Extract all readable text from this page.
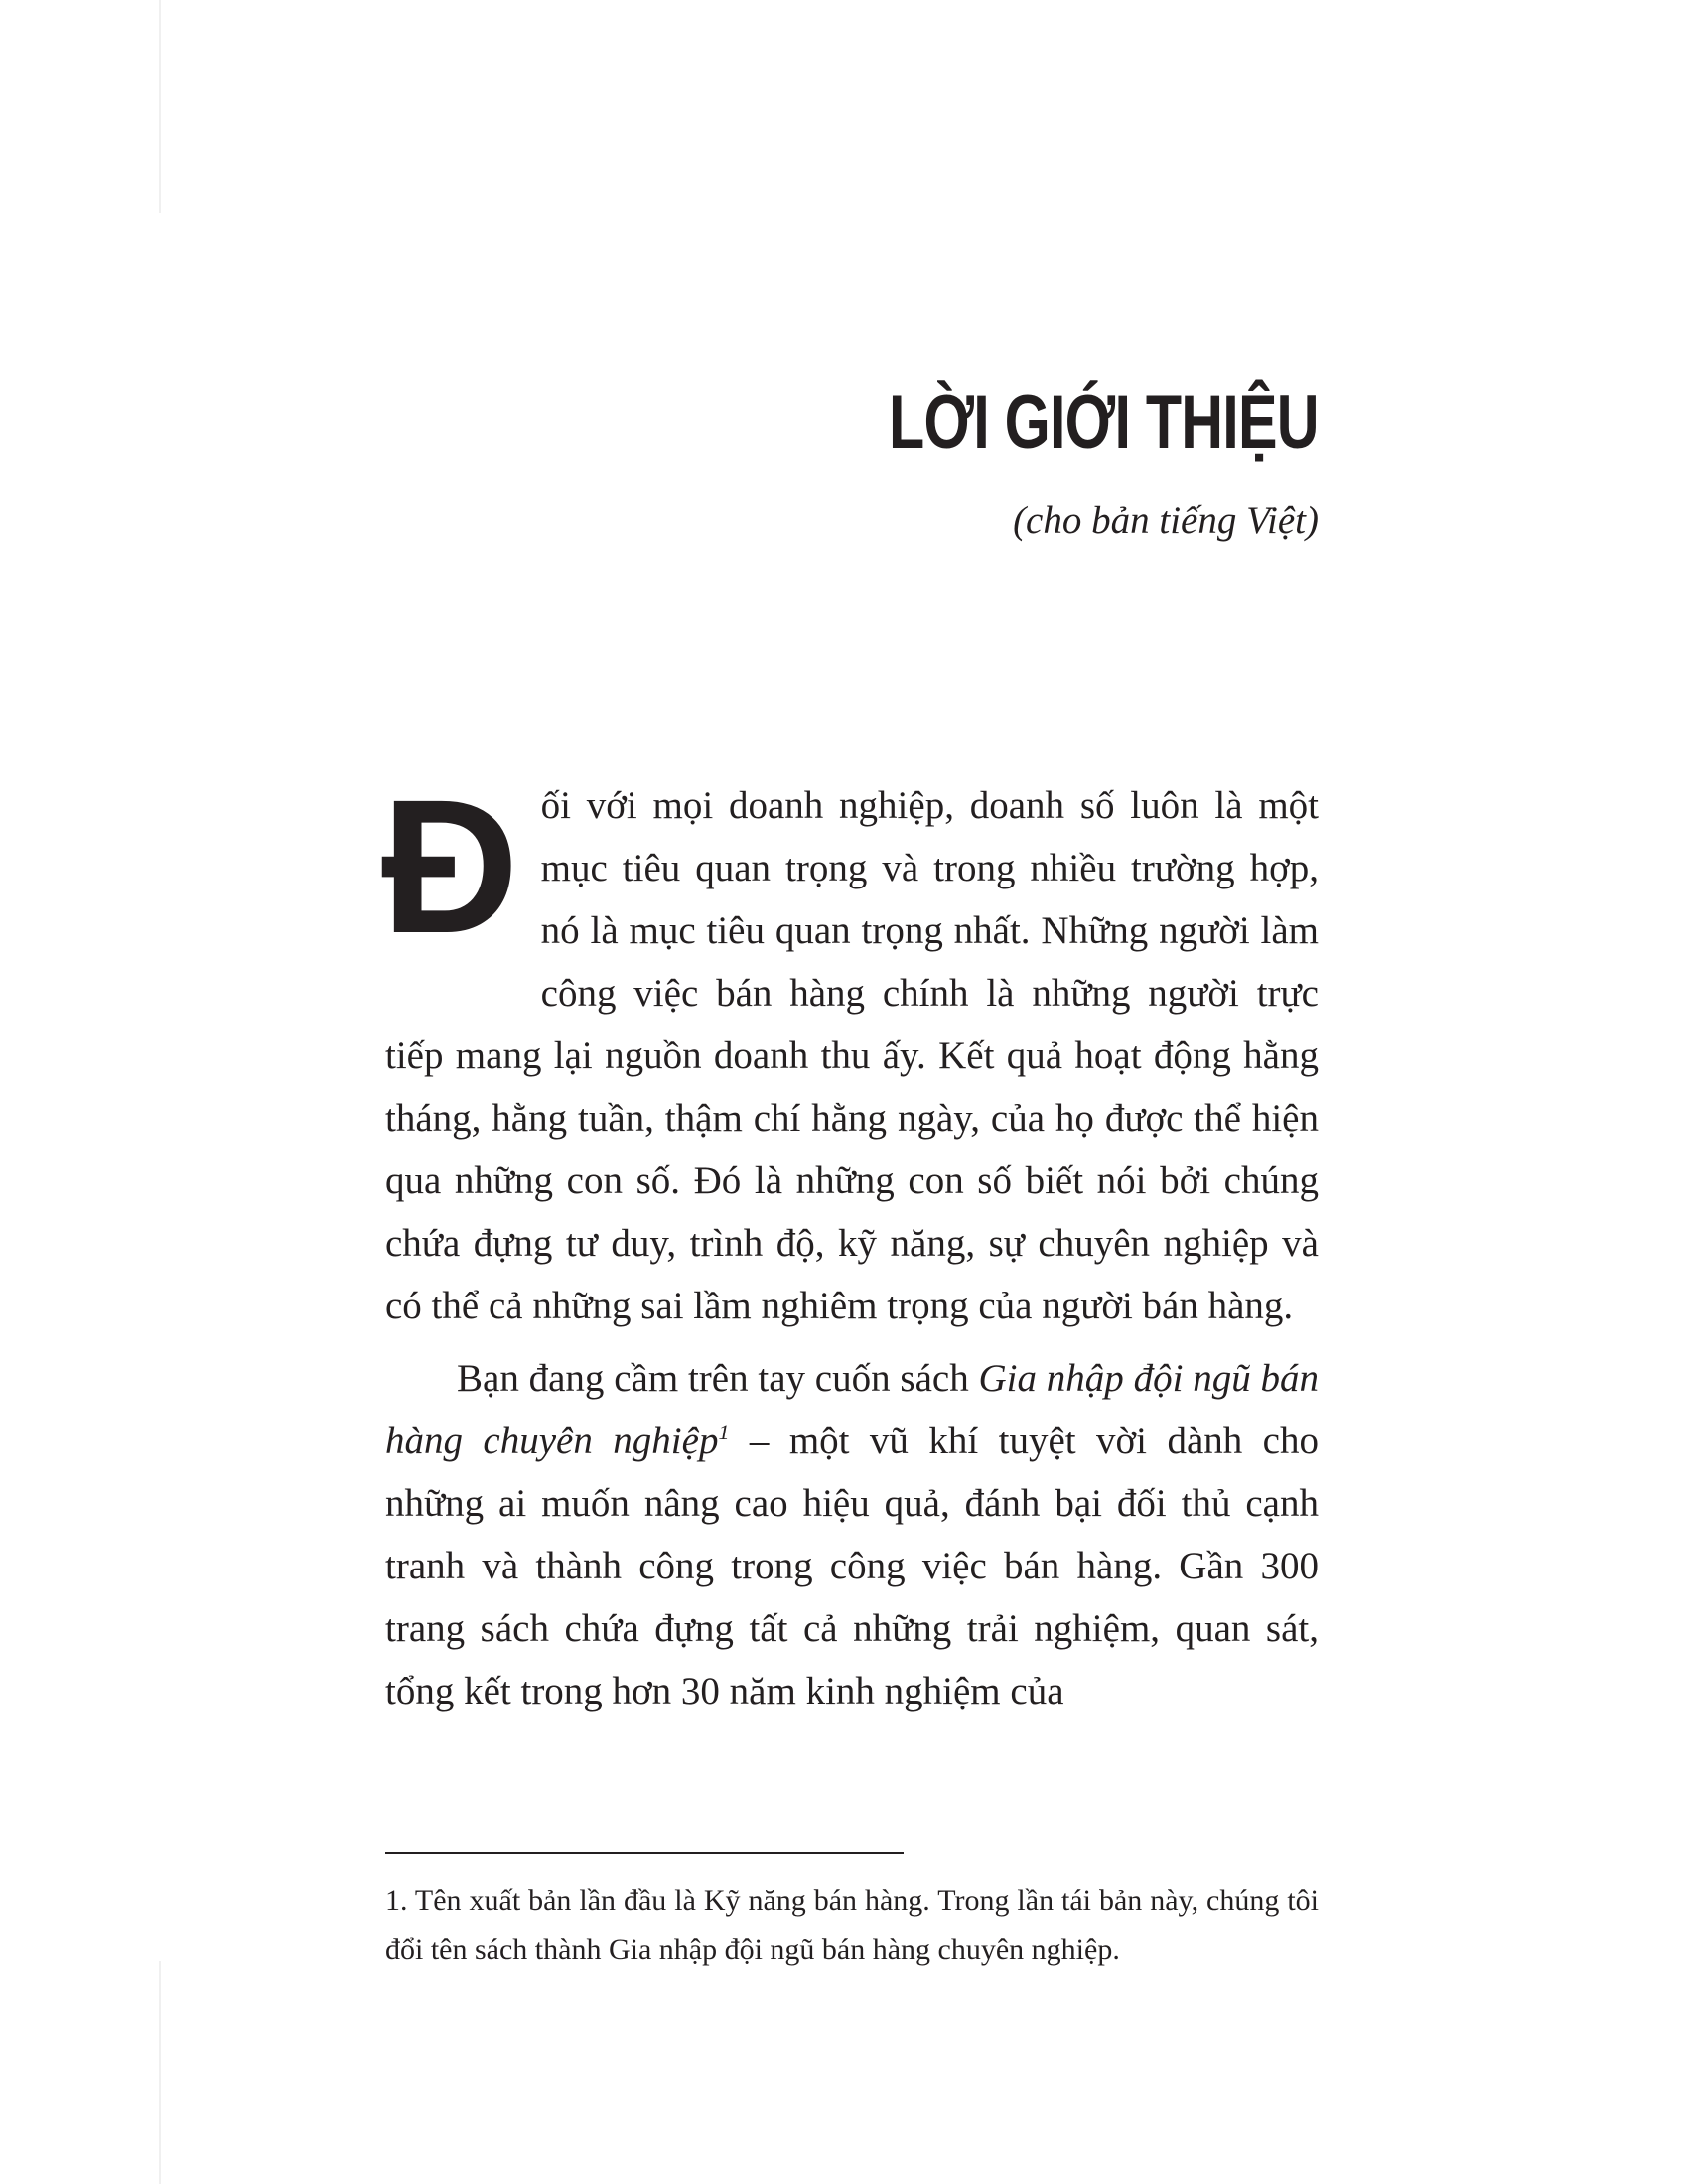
LỜI GIỚI THIỆU
(cho bản tiếng Việt)

Đối với mọi doanh nghiệp, doanh số luôn là một mục tiêu quan trọng và trong nhiều trường hợp, nó là mục tiêu quan trọng nhất. Những người làm công việc bán hàng chính là những người trực tiếp mang lại nguồn doanh thu ấy. Kết quả hoạt động hằng tháng, hằng tuần, thậm chí hằng ngày, của họ được thể hiện qua những con số. Đó là những con số biết nói bởi chúng chứa đựng tư duy, trình độ, kỹ năng, sự chuyên nghiệp và có thể cả những sai lầm nghiêm trọng của người bán hàng.

Bạn đang cầm trên tay cuốn sách Gia nhập đội ngũ bán hàng chuyên nghiệp$^1$ – một vũ khí tuyệt vời dành cho những ai muốn nâng cao hiệu quả, đánh bại đối thủ cạnh tranh và thành công trong công việc bán hàng. Gần 300 trang sách chứa đựng tất cả những trải nghiệm, quan sát, tổng kết trong hơn 30 năm kinh nghiệm của

1. Tên xuất bản lần đầu là Kỹ năng bán hàng. Trong lần tái bản này, chúng tôi đổi tên sách thành Gia nhập đội ngũ bán hàng chuyên nghiệp.
